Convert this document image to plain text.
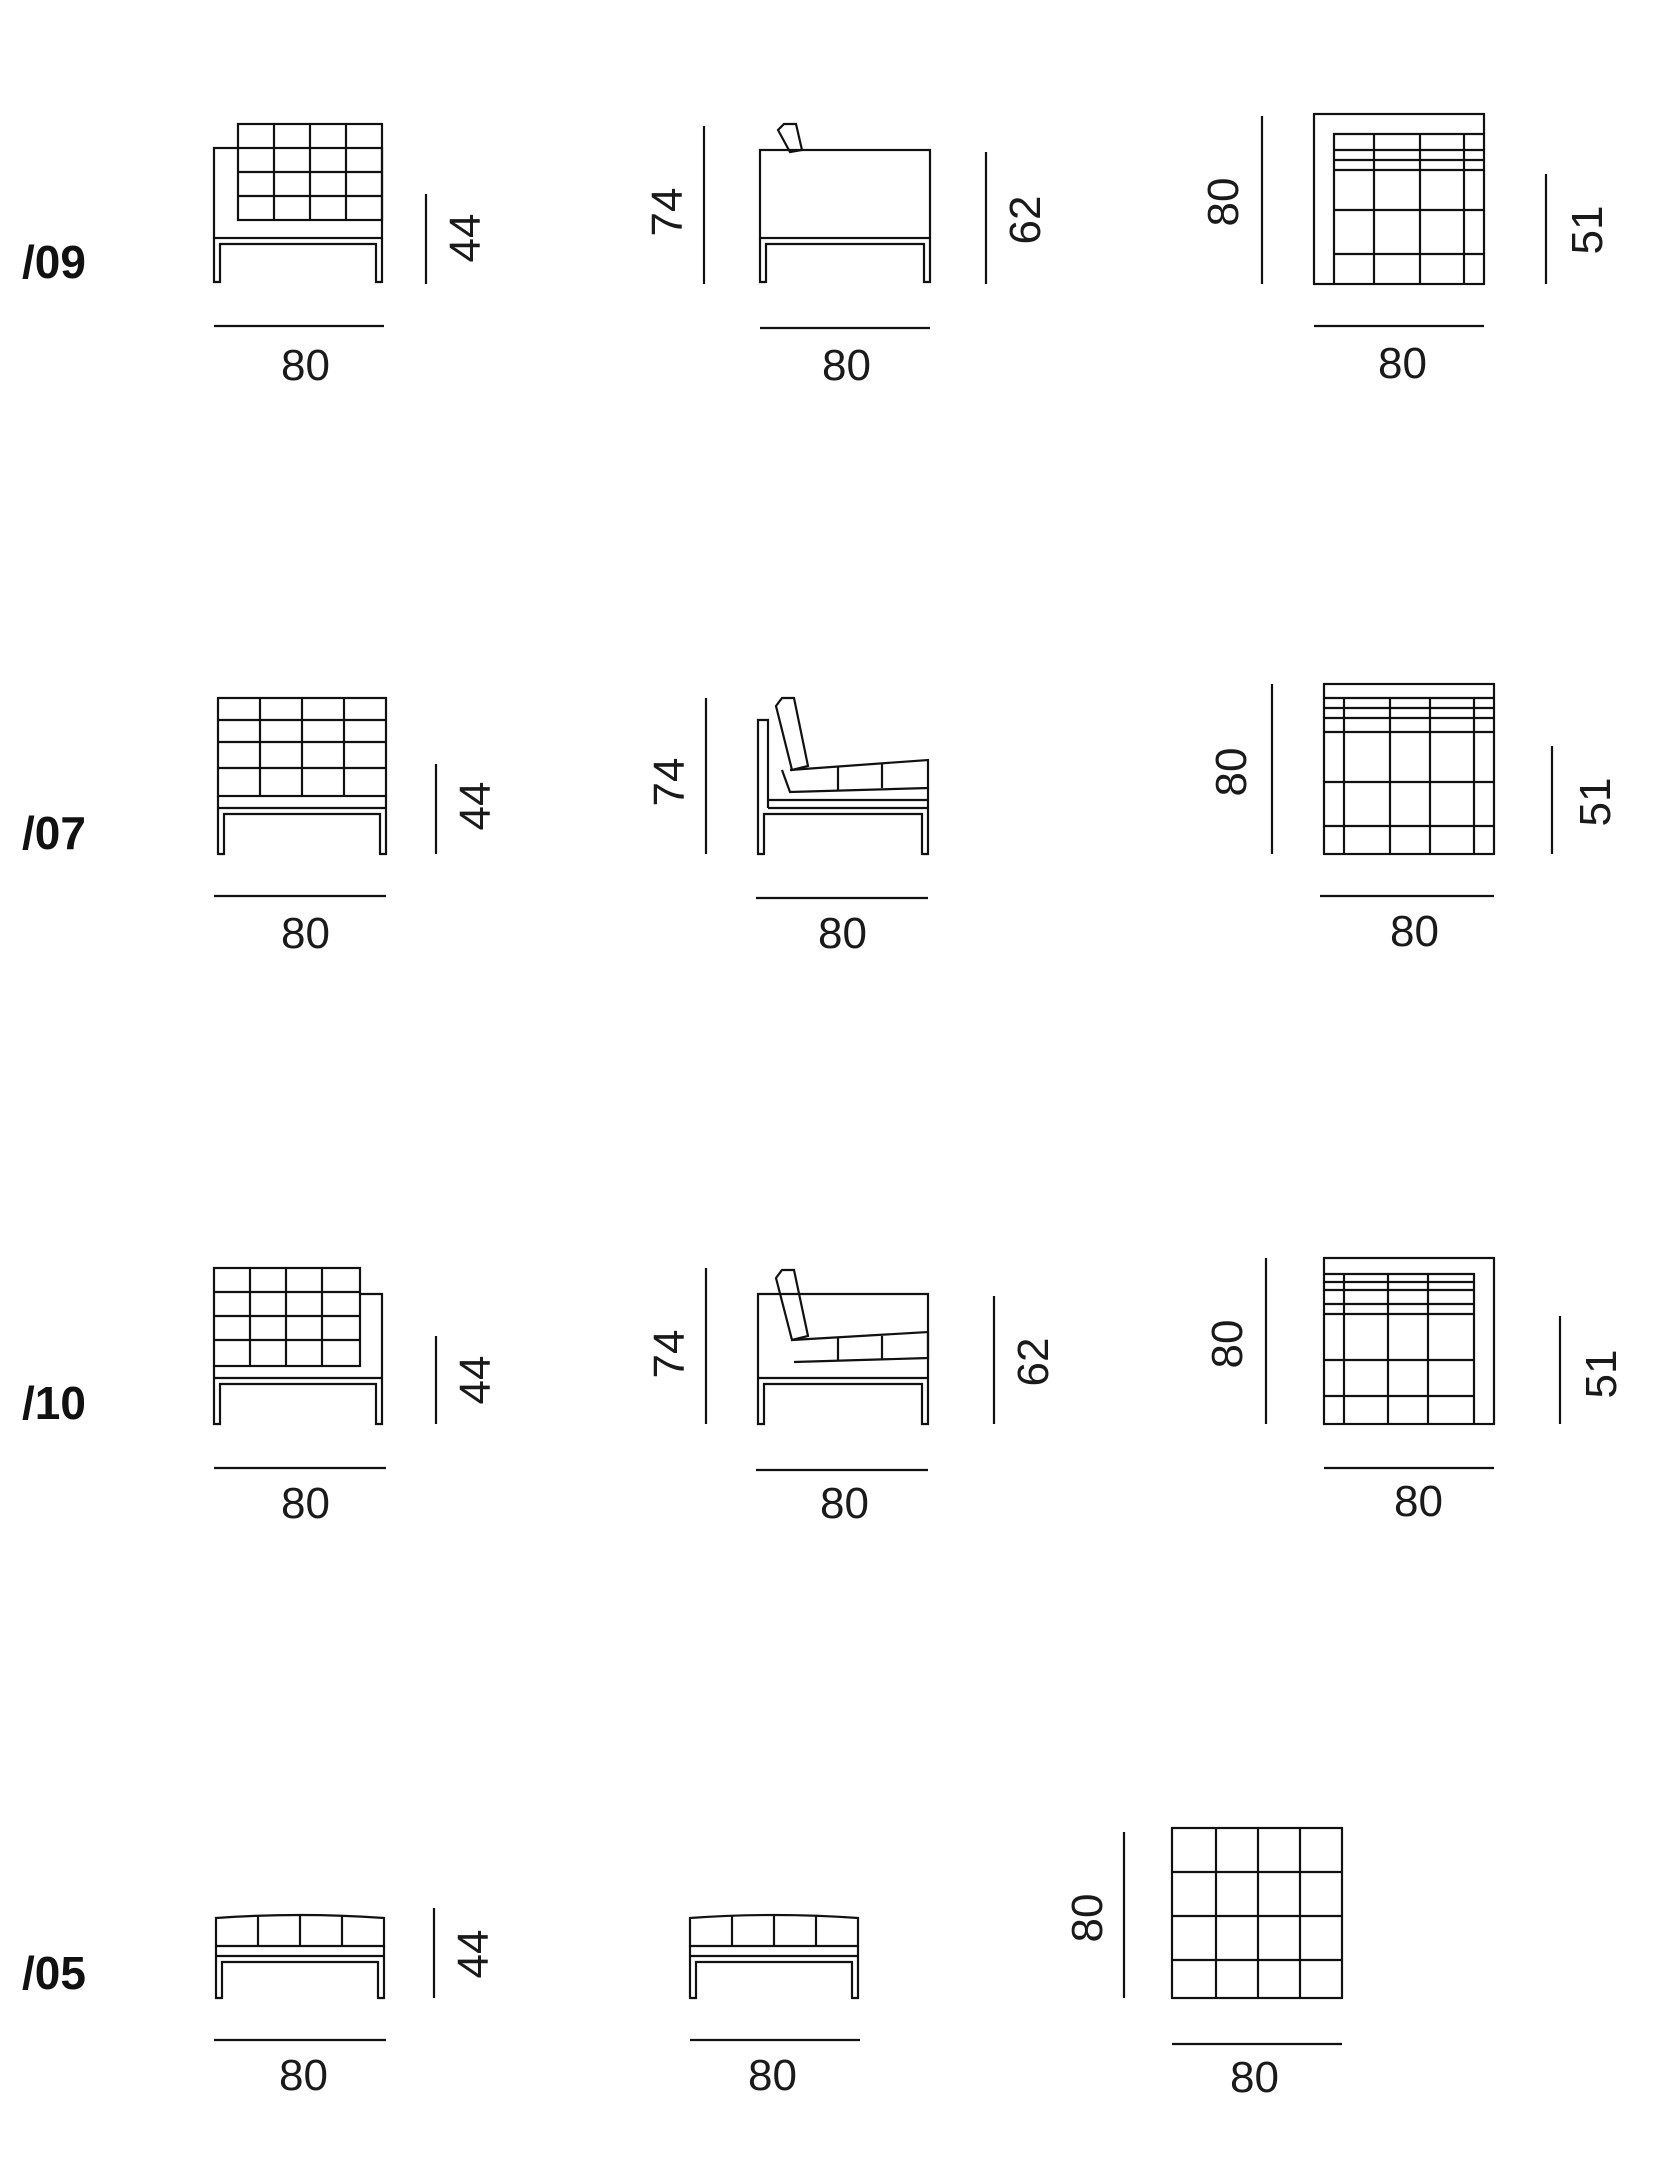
/09	44
80
74	62
80
80
51
80
/07
44
80
74
80
80
51
80
/10	44
80
74	62
80
80
51
80
/05	44
80	80
80
80
